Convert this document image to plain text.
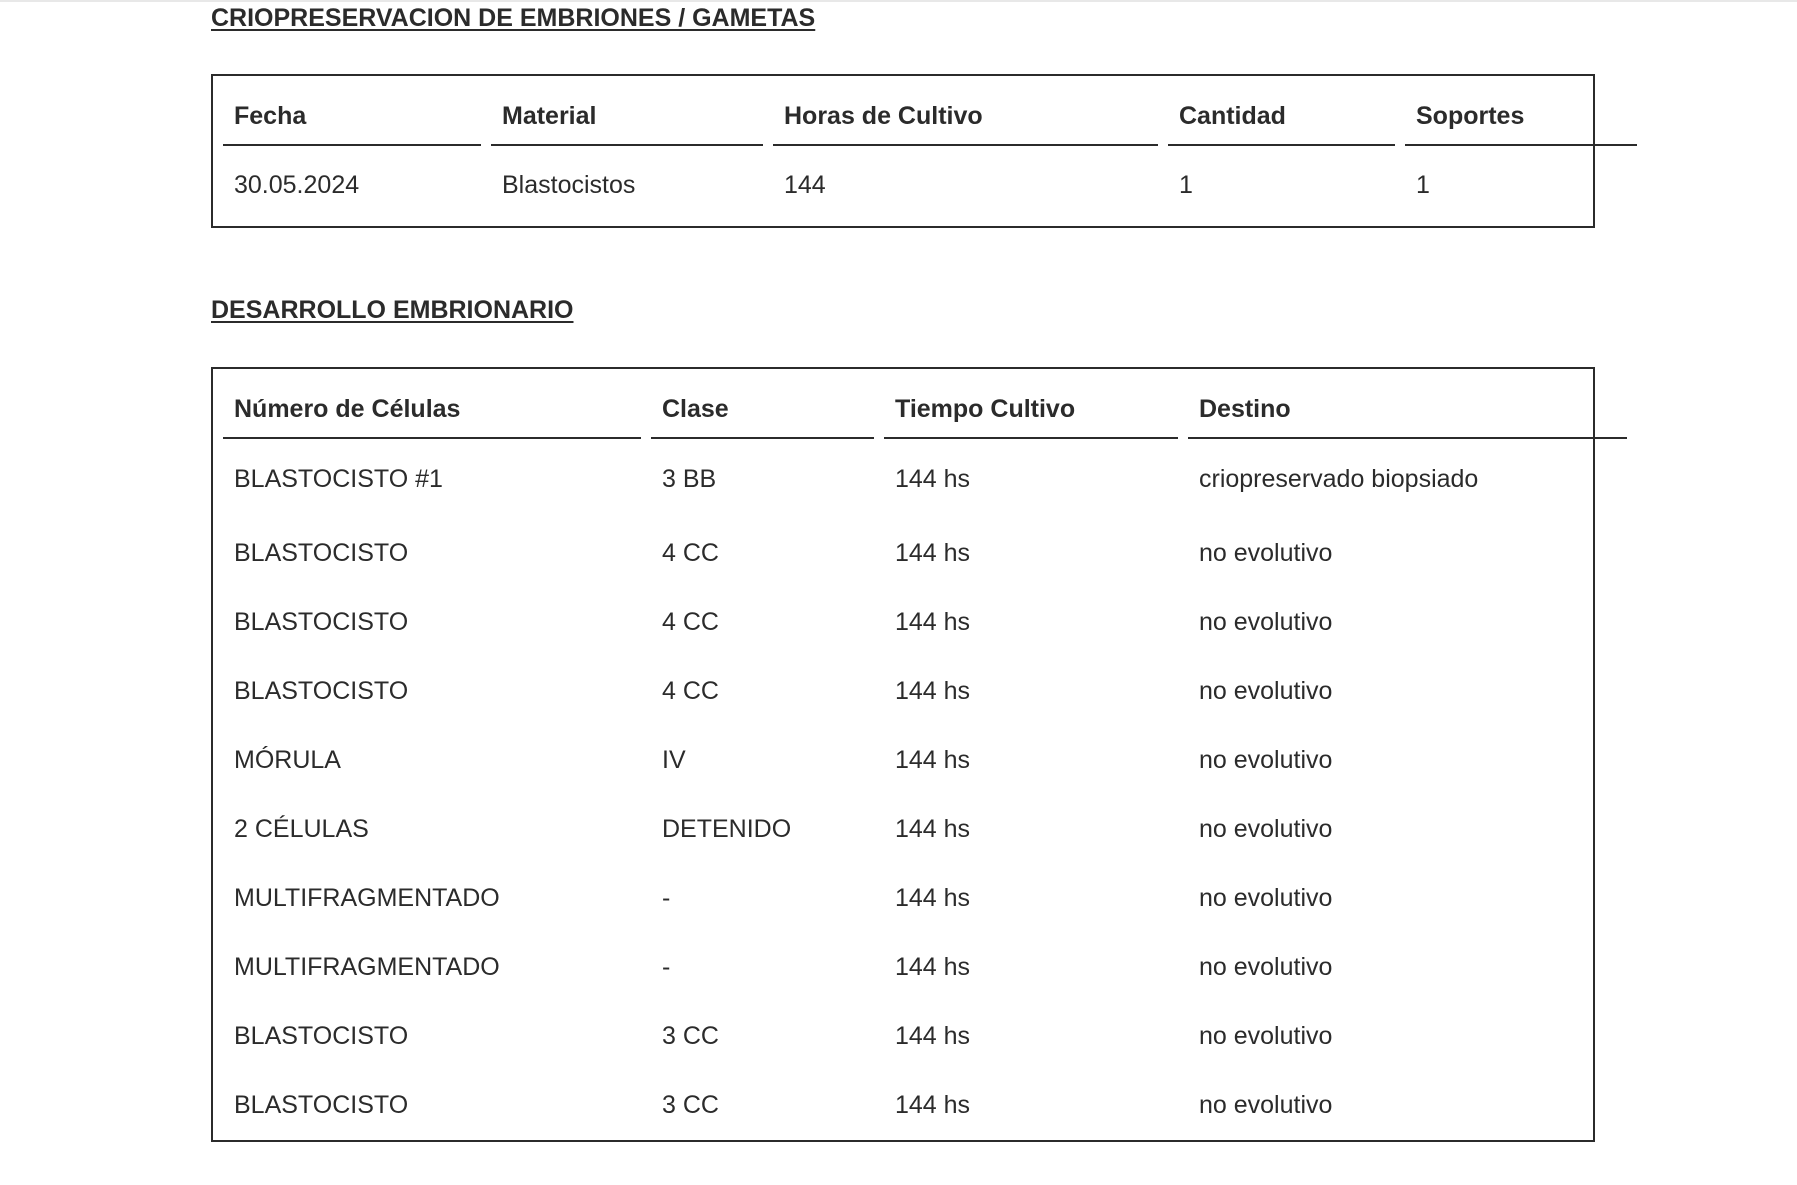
CRIOPRESERVACION DE EMBRIONES / GAMETAS
Fecha	Material	Horas de Cultivo	Cantidad	Soportes
30.05.2024	Blastocistos	144	1	1
DESARROLLO EMBRIONARIO
Número de Células	Clase	Tiempo Cultivo	Destino
BLASTOCISTO #1	3 BB	144 hs	criopreservado biopsiado
BLASTOCISTO	4 CC	144 hs	no evolutivo
BLASTOCISTO	4 CC	144 hs	no evolutivo
BLASTOCISTO	4 CC	144 hs	no evolutivo
MÓRULA	IV	144 hs	no evolutivo
2 CÉLULAS	DETENIDO	144 hs	no evolutivo
MULTIFRAGMENTADO	-	144 hs	no evolutivo
MULTIFRAGMENTADO	-	144 hs	no evolutivo
BLASTOCISTO	3 CC	144 hs	no evolutivo
BLASTOCISTO	3 CC	144 hs	no evolutivo
